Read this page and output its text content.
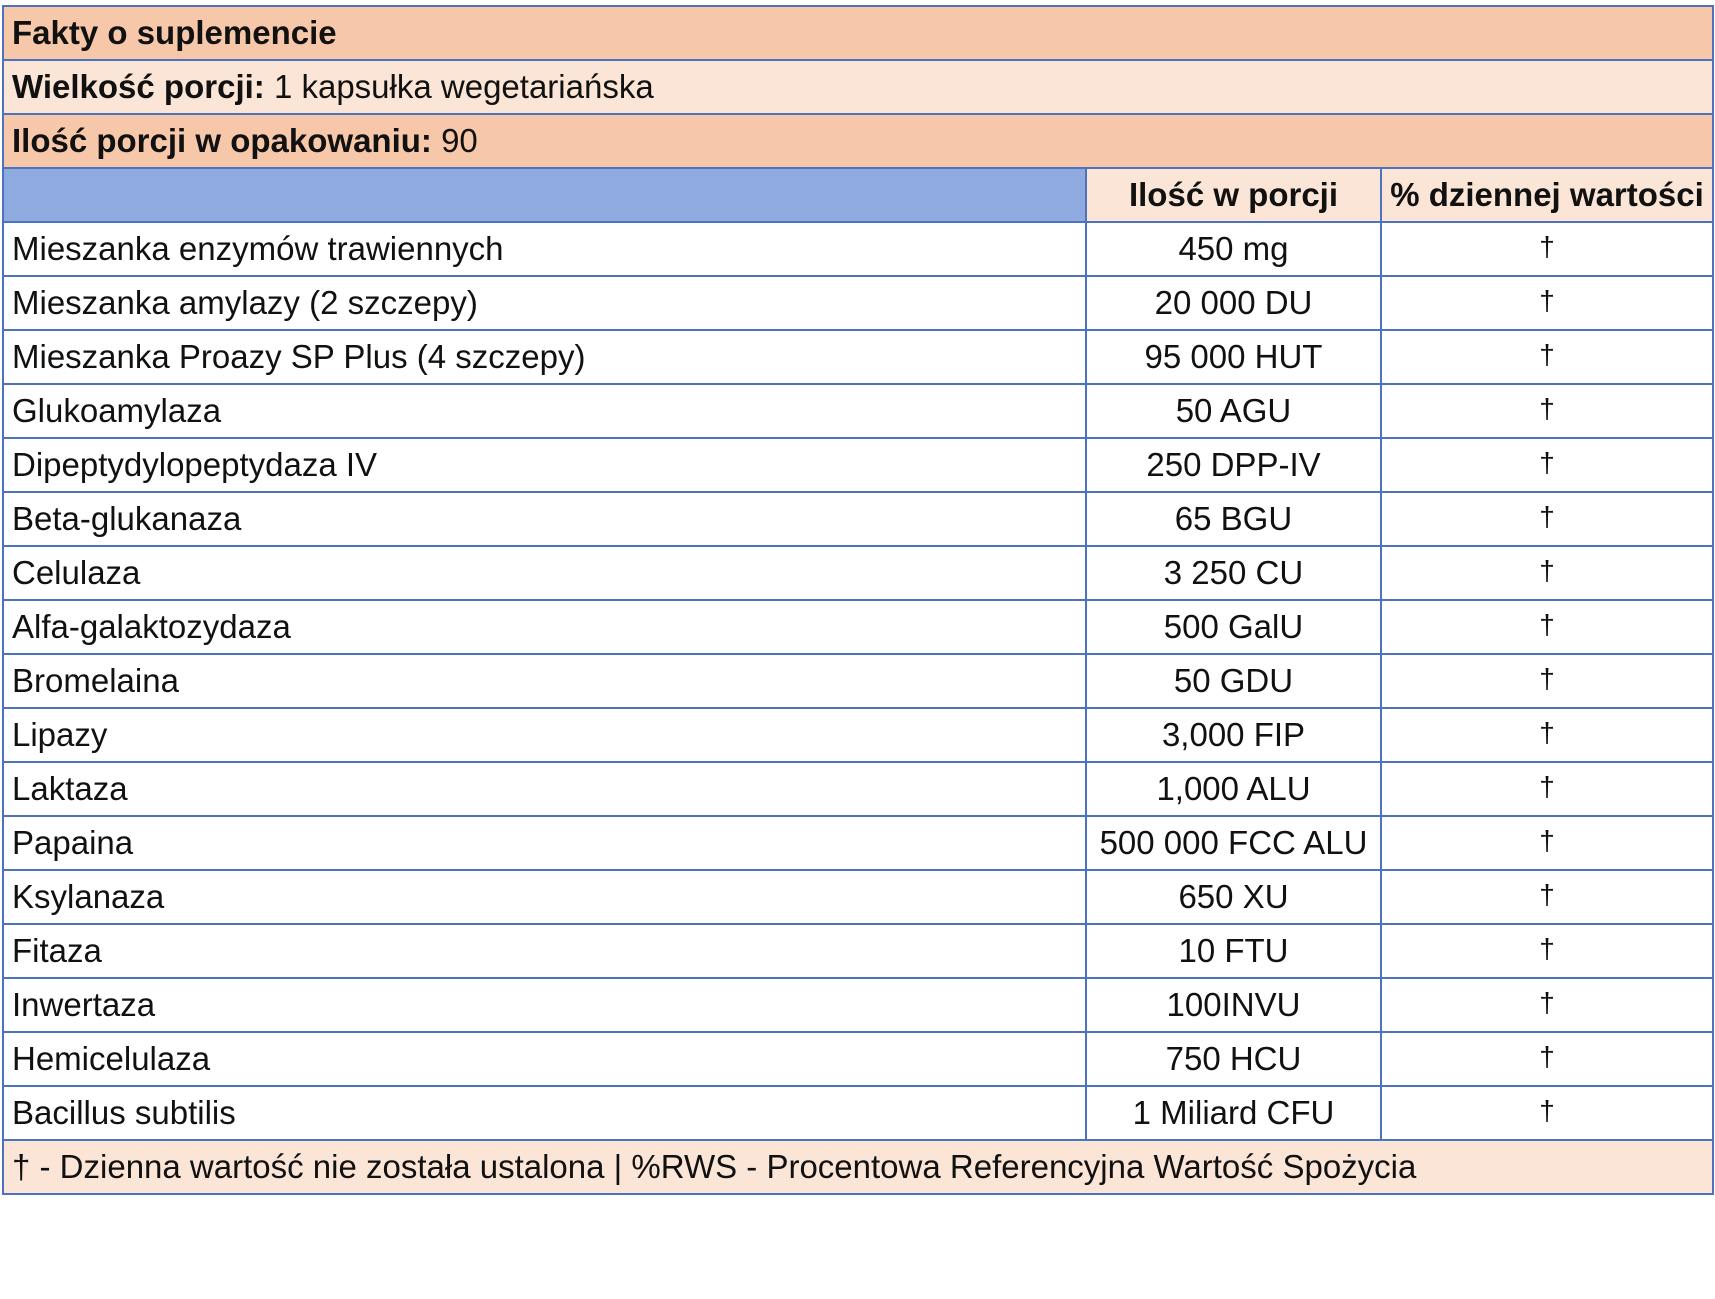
Fakty o suplemencie		
Wielkość porcji: 1 kapsułka wegetariańska		
Ilość porcji w opakowaniu: 90		
	Ilość w porcji	% dziennej wartości
Mieszanka enzymów trawiennych	450 mg	†
Mieszanka amylazy (2 szczepy)	20 000 DU	†
Mieszanka Proazy SP Plus (4 szczepy)	95 000 HUT	†
Glukoamylaza	50 AGU	†
Dipeptydylopeptydaza IV	250 DPP-IV	†
Beta-glukanaza	65 BGU	†
Celulaza	3 250 CU	†
Alfa-galaktozydaza	500 GalU	†
Bromelaina	50 GDU	†
Lipazy	3,000 FIP	†
Laktaza	1,000 ALU	†
Papaina	500 000 FCC ALU	†
Ksylanaza	650 XU	†
Fitaza	10 FTU	†
Inwertaza	100INVU	†
Hemicelulaza	750 HCU	†
Bacillus subtilis	1 Miliard CFU	†
† - Dzienna wartość nie została ustalona | %RWS - Procentowa Referencyjna Wartość Spożycia		
